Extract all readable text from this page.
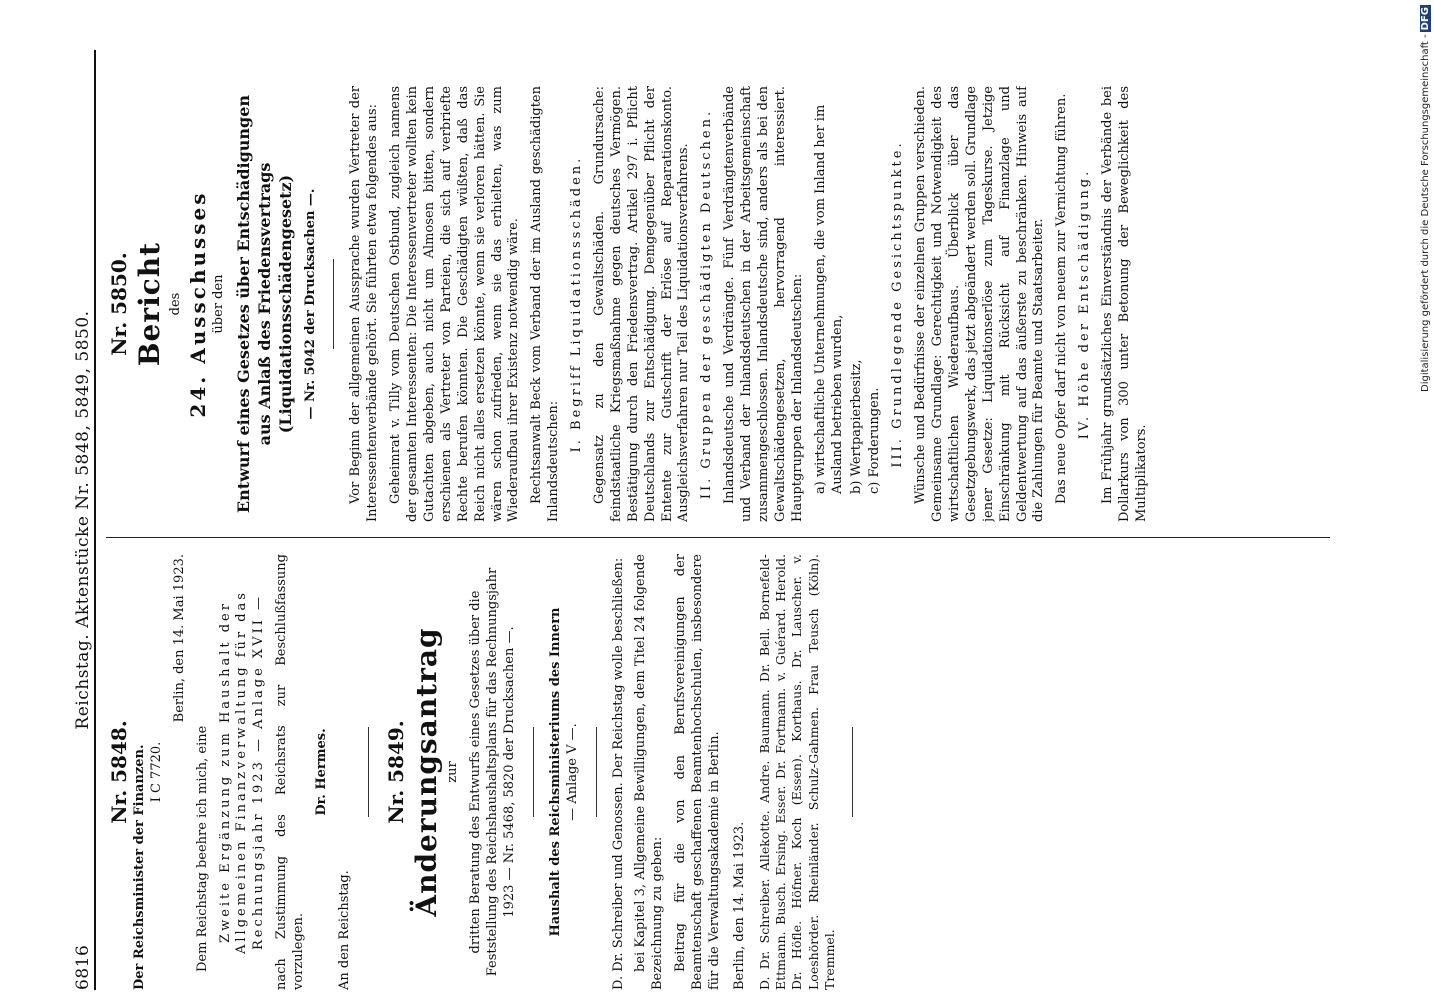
6816
Reichstag. Aktenstücke Nr. 5848, 5849, 5850.
Nr. 5848. Der Reichsminister der Finanzen. I C 7720.
Berlin, den 14. Mai 1923.

Dem Reichstag beehre ich mich, eine Zweite Ergänzung zum Haushalt der Allgemeinen Finanzverwaltung für das Rechnungsjahr 1923 — Anlage XVII — nach Zustimmung des Reichsrats zur Beschlußfassung vorzulegen.

Dr. Hermes.
An den Reichstag.
Nr. 5849. Änderungsantrag zur dritten Beratung des Entwurfs eines Gesetzes über die Feststellung des Reichshaushaltsplans für das Rechnungsjahr 1923 — Nr. 5468, 5820 der Drucksachen —. Haushalt des Reichsministeriums des Innern — Anlage V —. D. Dr. Schreiber und Genossen. Der Reichstag wolle beschließen: bei Kapitel 3, Allgemeine Bewilligungen, dem Titel 24 folgende Bezeichnung zu geben: Beitrag für die von den Berufsvereinigungen der Beamtenschaft geschaffenen Beamtenhochschulen, insbesondere für die Verwaltungsakademie in Berlin. Berlin, den 14. Mai 1923. D. Dr. Schreiber. Allekotte. Andre. Baumann. Dr. Bell. Bornefeld-Ettmann. Busch. Ersing. Esser. Dr. Fortmann. v. Guérard. Herold. Dr. Höfle. Höfner. Koch (Essen). Korthaus. Dr. Lauscher. v. Loeshörder. Rheinländer. Schulz-Gahmen. Frau Teusch (Köln). Tremmel.

Nr. 5850. Bericht des 24. Ausschusses über den Entwurf eines Gesetzes über Entschädigungen aus Anlaß des Friedensvertrags (Liquidationsschädengesetz) — Nr. 5042 der Drucksachen —. Vor Beginn der allgemeinen Aussprache wurden Vertreter der Interessentenverbände gehört. Sie führten etwa folgendes aus: Geheimrat v. Tilly vom Deutschen Ostbund, zugleich namens der gesamten Interessenten: Die Interessenvertreter wollten kein Gutachten abgeben, auch nicht um Almosen bitten, sondern erschienen als Vertreter von Parteien, die sich auf verbriefte Rechte berufen könnten. Die Geschädigten wüßten, daß das Reich nicht alles ersetzen könnte, wenn sie verloren hätten. Sie wären schon zufrieden, wenn sie das erhielten, was zum Wiederaufbau ihrer Existenz notwendig wäre. Rechtsanwalt Beck vom Verband der im Ausland geschädigten Inlandsdeutschen:

I. Begriff Liquidationsschäden. Gegensatz zu den Gewaltschäden. Grundursache: feindstaatliche Kriegsmaßnahme gegen deutsches Vermögen. Bestätigung durch den Friedensvertrag. Artikel 297 i. Pflicht Deutschlands zur Entschädigung. Demgegenüber Pflicht der Entente zur Gutschrift der Erlöse auf Reparationskonto. Ausgleichsverfahren nur Teil des Liquidationsverfahrens. II. Gruppen der geschädigten Deutschen. Inlandsdeutsche und Verdrängte. Fünf Verdrängtenverbände und Verband der Inlandsdeutschen in der Arbeitsgemeinschaft zusammengeschlossen. Inlandsdeutsche sind, anders als bei den Gewaltschädengesetzen, hervorragend interessiert. Hauptgruppen der Inlandsdeutschen: a) wirtschaftliche Unternehmungen, die vom Inland her im Ausland betrieben wurden, b) Wertpapierbesitz, c) Forderungen. III. Grundlegende Gesichtspunkte. Wünsche und Bedürfnisse der einzelnen Gruppen verschieden. Gemeinsame Grundlage: Gerechtigkeit und Notwendigkeit des wirtschaftlichen Wiederaufbaus. Überblick über das Gesetzgebungswerk, das jetzt abgeändert werden soll. Grundlage jener Gesetze: Liquidationserlöse zum Tageskurse. Jetzige Einschränkung mit Rücksicht auf Finanzlage und Geldentwertung auf das äußerste zu beschränken. Hinweis auf die Zahlungen für Beamte und Staatsarbeiter. Das neue Opfer darf nicht von neuem zur Vernichtung führen. IV. Höhe der Entschädigung. Im Frühjahr grundsätzliches Einverständnis der Verbände bei Dollarkurs von 300 unter Betonung der Beweglichkeit des Multiplikators.

Digitalisierung gefördert durch die Deutsche Forschungsgemeinschaft -DFG
